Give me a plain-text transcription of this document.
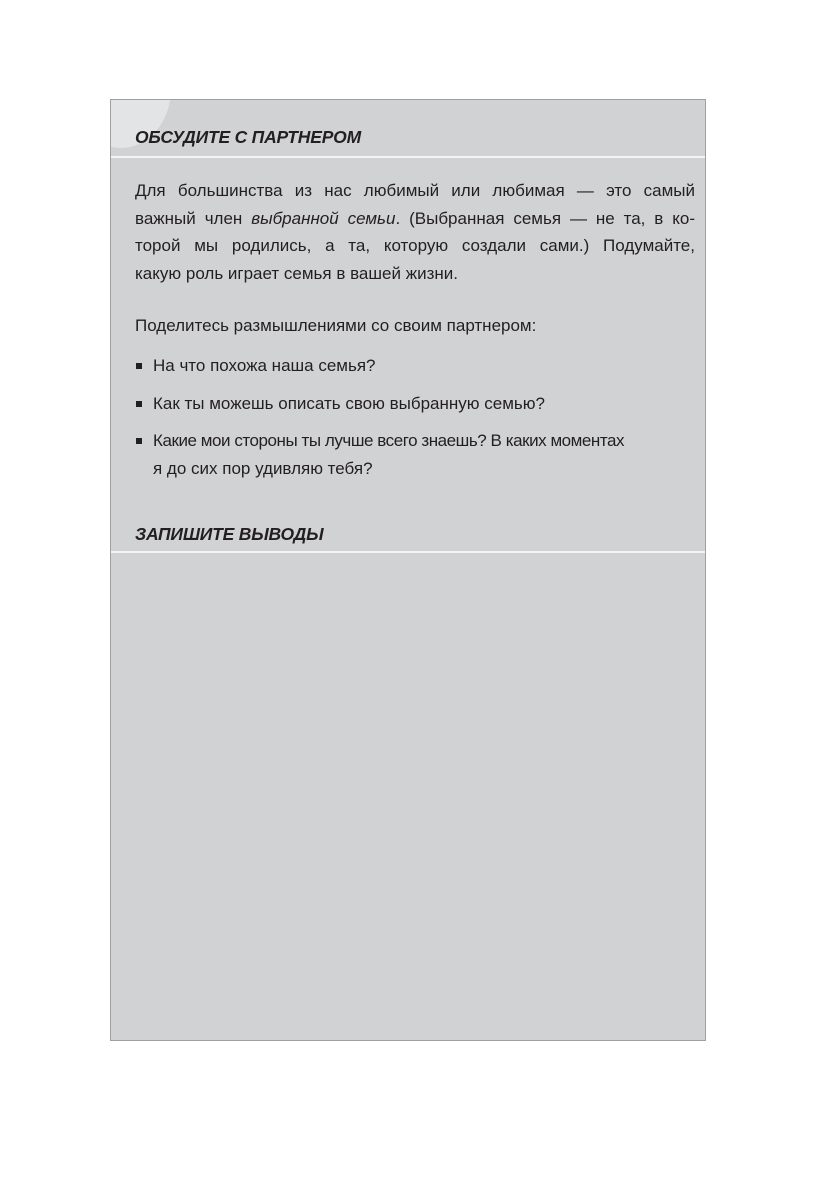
ОБСУДИТЕ С ПАРТНЕРОМ

Для большинства из нас любимый или любимая — это самый
важный член выбранной семьи. (Выбранная семья — не та, в ко-
торой мы родились, а та, которую создали сами.) Подумайте,
какую роль играет семья в вашей жизни.

Поделитесь размышлениями со своим партнером:

На что похожа наша семья?
Как ты можешь описать свою выбранную семью?
Какие мои стороны ты лучше всего знаешь? В каких моментах
я до сих пор удивляю тебя?
ЗАПИШИТЕ ВЫВОДЫ
